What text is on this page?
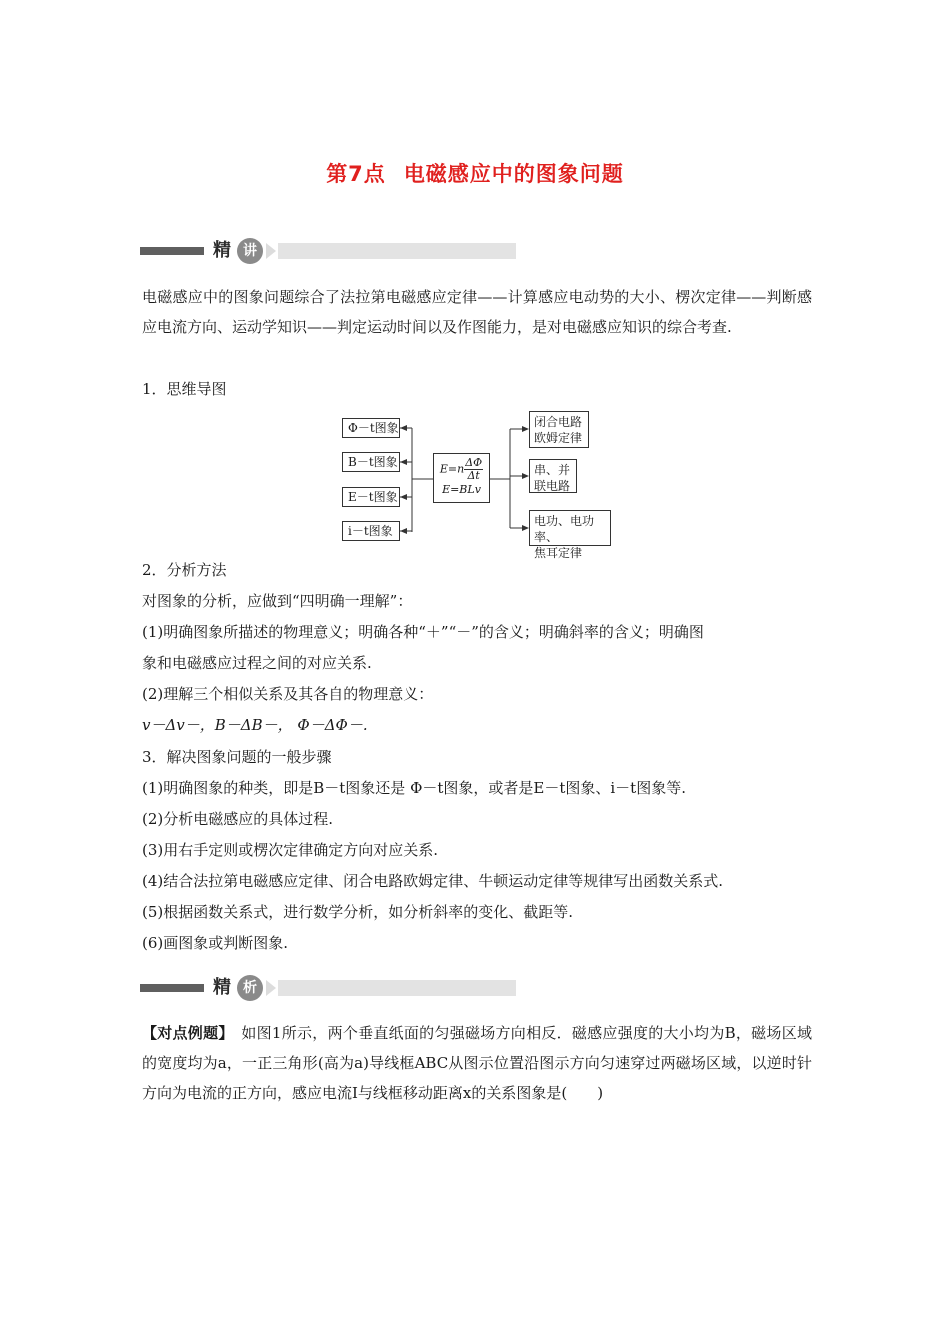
第7点 电磁感应中的图象问题
精 讲
电磁感应中的图象问题综合了法拉第电磁感应定律——计算感应电动势的大小、楞次定律——判断感应电流方向、运动学知识——判定运动时间以及作图能力，是对电磁感应知识的综合考查.
1．思维导图
Φ－t图象
B－t图象
E－t图象
i－t图象
$E=n \frac{\Delta\Phi}{\Delta t}$
E=BLv
闭合电路
欧姆定律
串、并
联电路
电功、电功率、
焦耳定律
2．分析方法
对图象的分析，应做到“四明确一理解”：
(1)明确图象所描述的物理意义；明确各种“＋”“－”的含义；明确斜率的含义；明确图
象和电磁感应过程之间的对应关系.
(2)理解三个相似关系及其各自的物理意义：
v－Δv－，B－ΔB－， Φ－ΔΦ－.
3．解决图象问题的一般步骤
(1)明确图象的种类，即是B－t图象还是 Φ－t图象，或者是E－t图象、i－t图象等.
(2)分析电磁感应的具体过程.
(3)用右手定则或楞次定律确定方向对应关系.
(4)结合法拉第电磁感应定律、闭合电路欧姆定律、牛顿运动定律等规律写出函数关系式.
(5)根据函数关系式，进行数学分析，如分析斜率的变化、截距等.
(6)画图象或判断图象.
精 析
【对点例题】　如图1所示，两个垂直纸面的匀强磁场方向相反．磁感应强度的大小均为B，磁场区域的宽度均为a，一正三角形(高为a)导线框ABC从图示位置沿图示方向匀速穿过两磁场区域，以逆时针方向为电流的正方向，感应电流I与线框移动距离x的关系图象是(　　)
